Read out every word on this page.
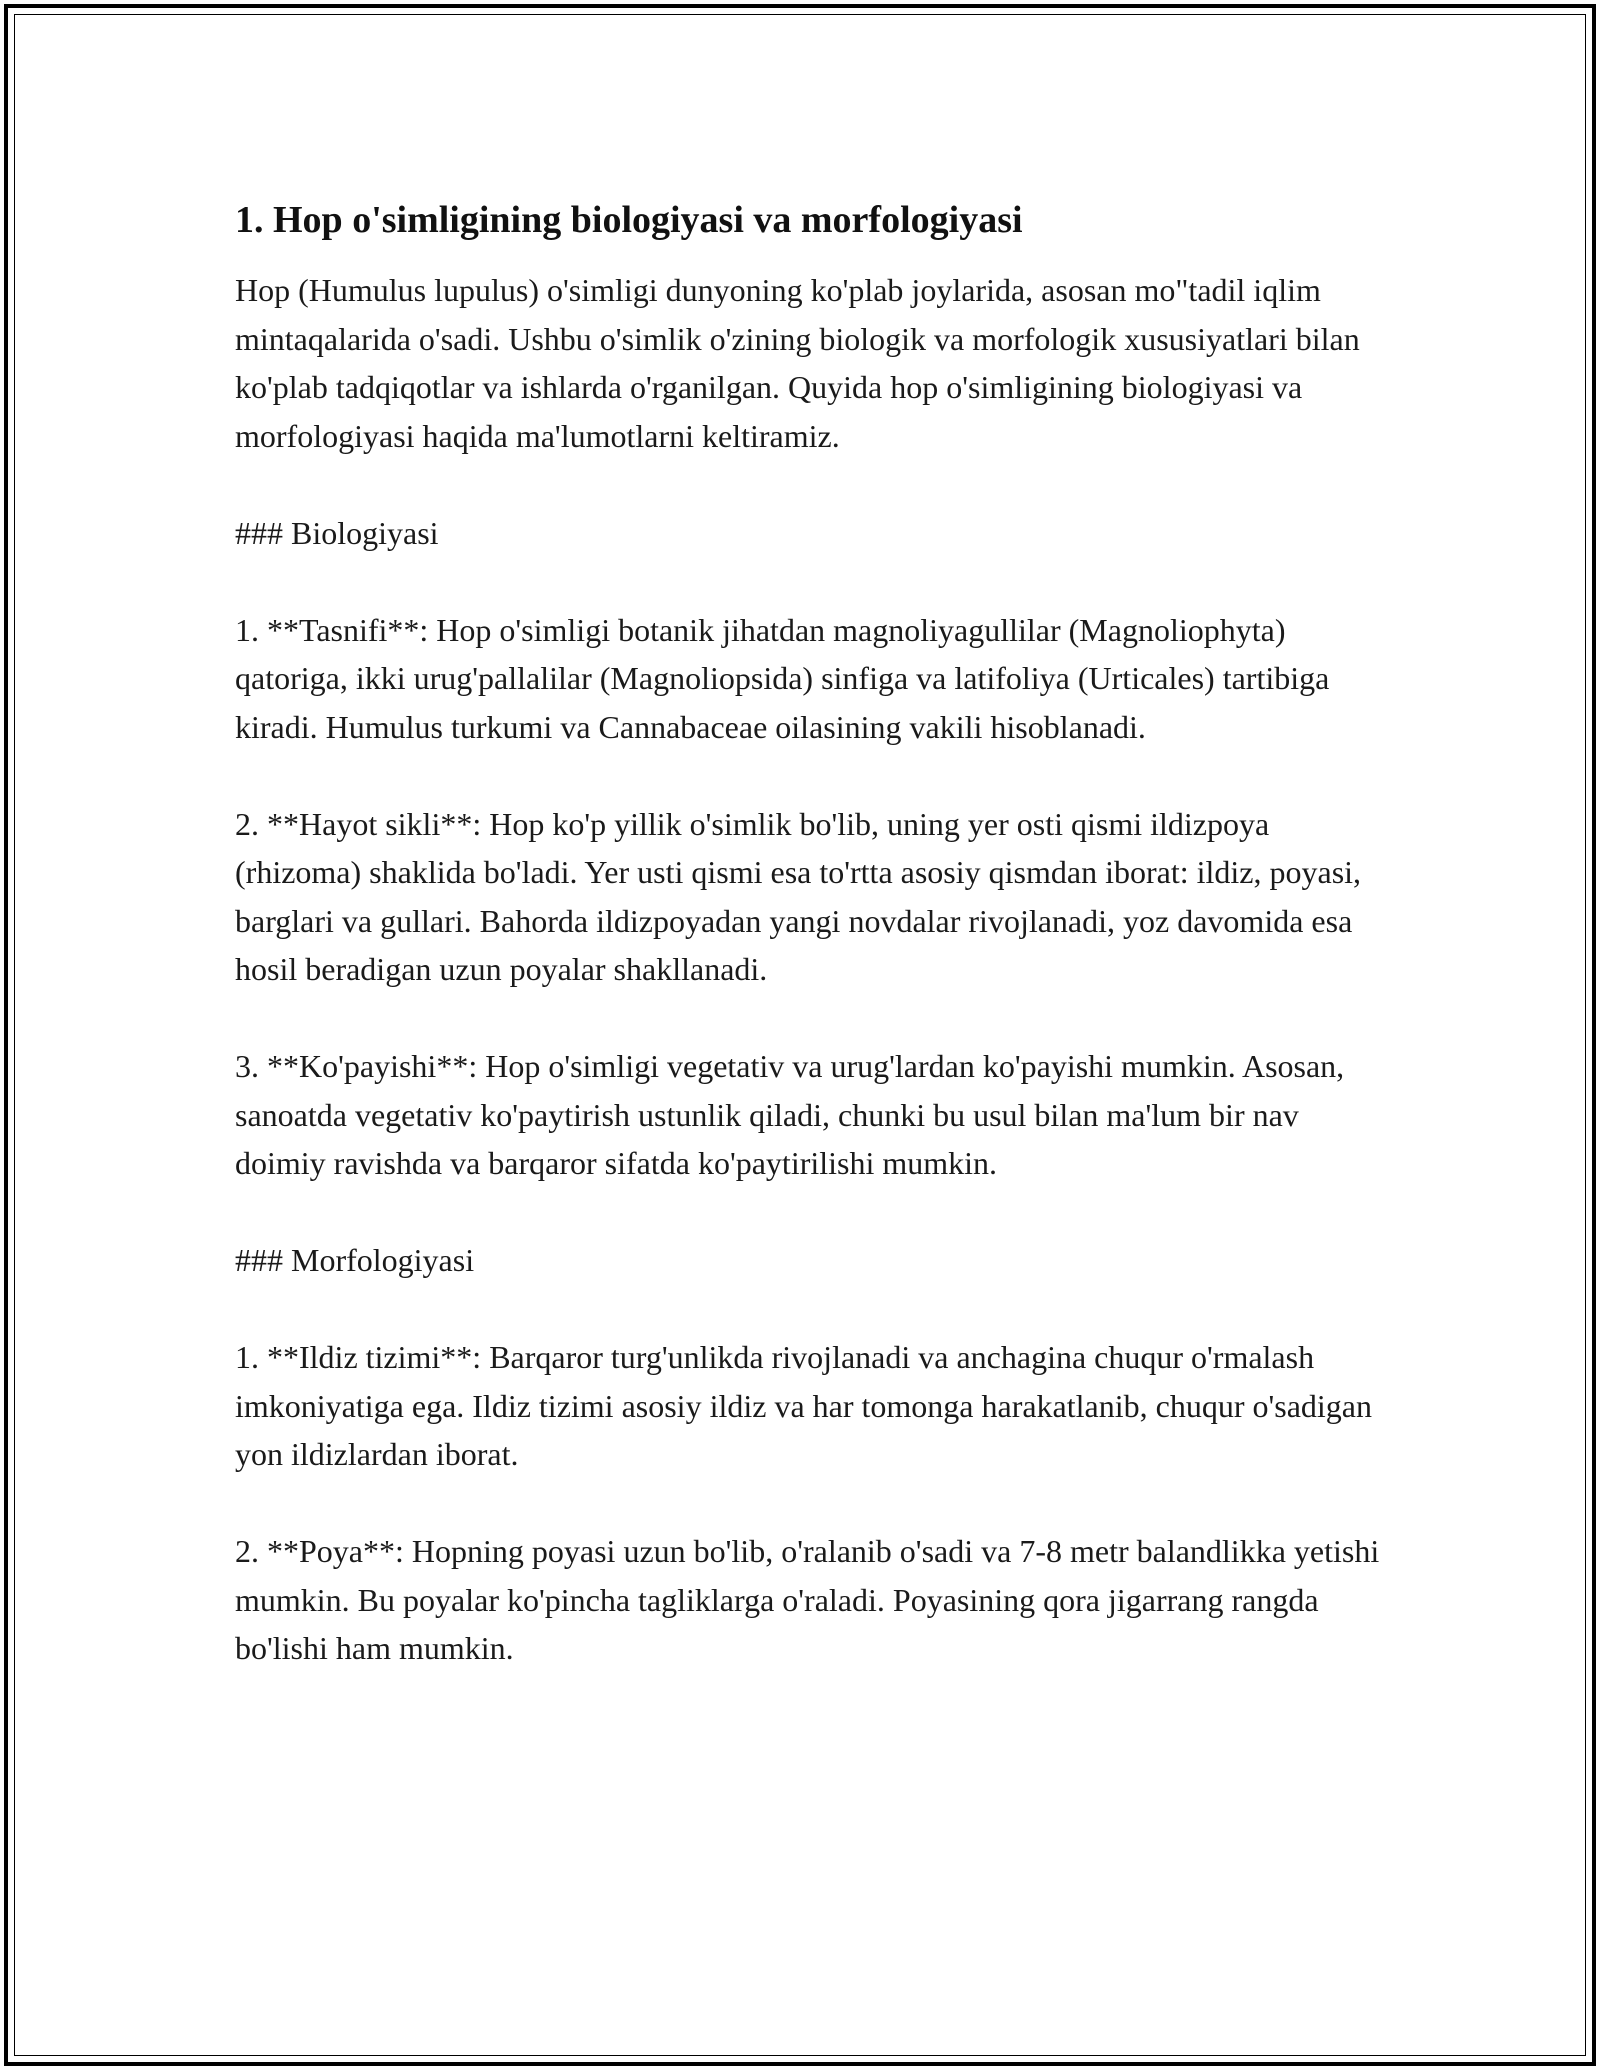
1. Hop o'simligining biologiyasi va morfologiyasi

Hop (Humulus lupulus) o'simligi dunyoning ko'plab joylarida, asosan mo"tadil iqlim mintaqalarida o'sadi. Ushbu o'simlik o'zining biologik va morfologik xususiyatlari bilan ko'plab tadqiqotlar va ishlarda o'rganilgan. Quyida hop o'simligining biologiyasi va morfologiyasi haqida ma'lumotlarni keltiramiz.

### Biologiyasi

1. **Tasnifi**: Hop o'simligi botanik jihatdan magnoliyagullilar (Magnoliophyta) qatoriga, ikki urug'pallalilar (Magnoliopsida) sinfiga va latifoliya (Urticales) tartibiga kiradi. Humulus turkumi va Cannabaceae oilasining vakili hisoblanadi.

2. **Hayot sikli**: Hop ko'p yillik o'simlik bo'lib, uning yer osti qismi ildizpoya (rhizoma) shaklida bo'ladi. Yer usti qismi esa to'rtta asosiy qismdan iborat: ildiz, poyasi, barglari va gullari. Bahorda ildizpoyadan yangi novdalar rivojlanadi, yoz davomida esa hosil beradigan uzun poyalar shakllanadi.

3. **Ko'payishi**: Hop o'simligi vegetativ va urug'lardan ko'payishi mumkin. Asosan, sanoatda vegetativ ko'paytirish ustunlik qiladi, chunki bu usul bilan ma'lum bir nav doimiy ravishda va barqaror sifatda ko'paytirilishi mumkin.

### Morfologiyasi

1. **Ildiz tizimi**: Barqaror turg'unlikda rivojlanadi va anchagina chuqur o'rmalash imkoniyatiga ega. Ildiz tizimi asosiy ildiz va har tomonga harakatlanib, chuqur o'sadigan yon ildizlardan iborat.

2. **Poya**: Hopning poyasi uzun bo'lib, o'ralanib o'sadi va 7-8 metr balandlikka yetishi mumkin. Bu poyalar ko'pincha tagliklarga o'raladi. Poyasining qora jigarrang rangda bo'lishi ham mumkin.
